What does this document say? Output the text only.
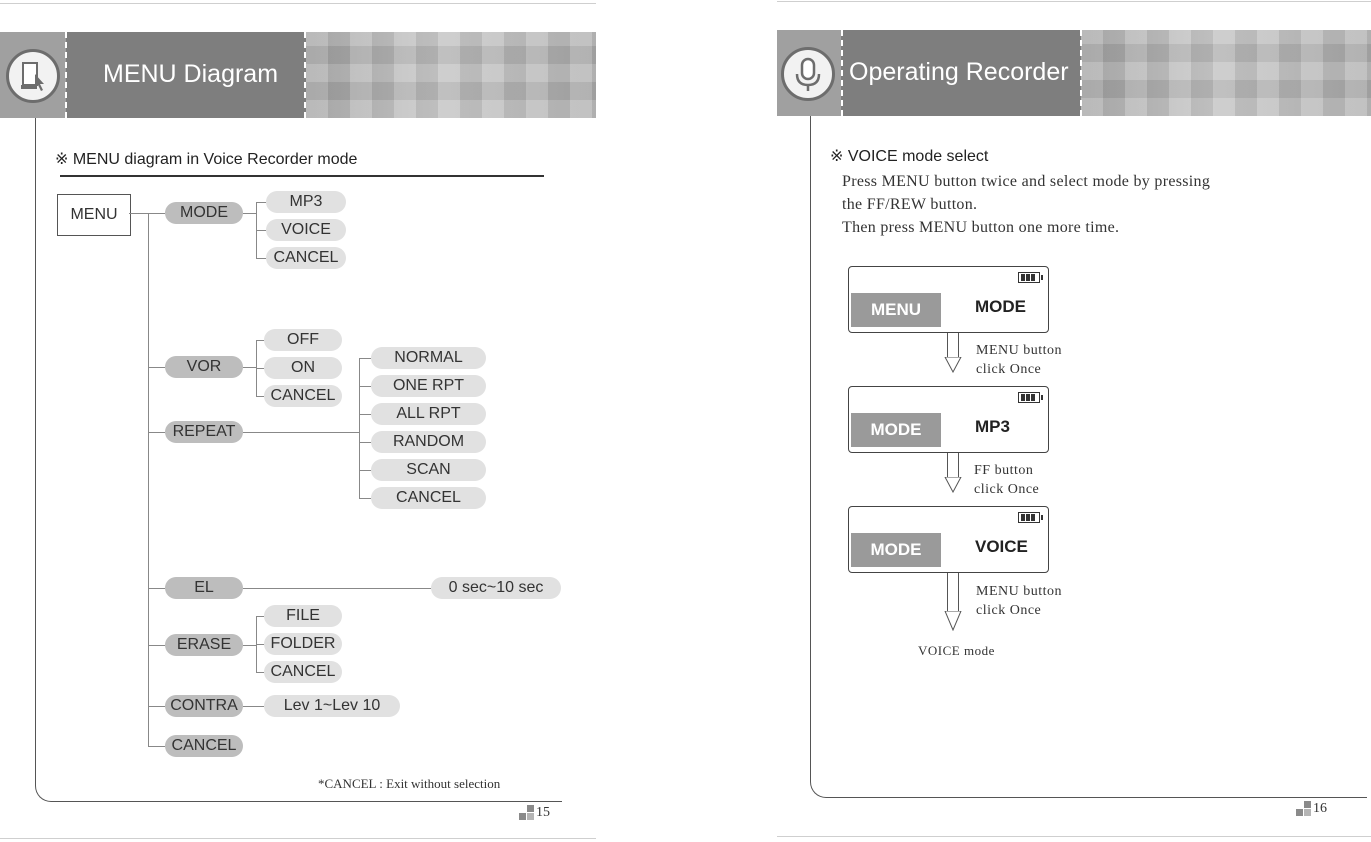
MENU Diagram
※ MENU diagram in Voice Recorder mode
MENU	MODE
MP3
VOICE
CANCEL
VOR
OFF
ON
CANCEL
REPEAT
NORMAL
ONE RPT
ALL RPT
RANDOM
SCAN
CANCEL
EL	0 sec~10 sec
ERASE
FILE
FOLDER
CANCEL
CONTRA	Lev 1~Lev 10
CANCEL
*CANCEL : Exit without selection
15
Operating Recorder
※ VOICE mode select
Press MENU button twice and select mode by pressing
the FF/REW button.
Then press MENU button one more time.
MENU	MODE
MENU button
click Once
MODE	MP3
FF button
click Once
MODE	VOICE
MENU button
click Once
VOICE mode
16
